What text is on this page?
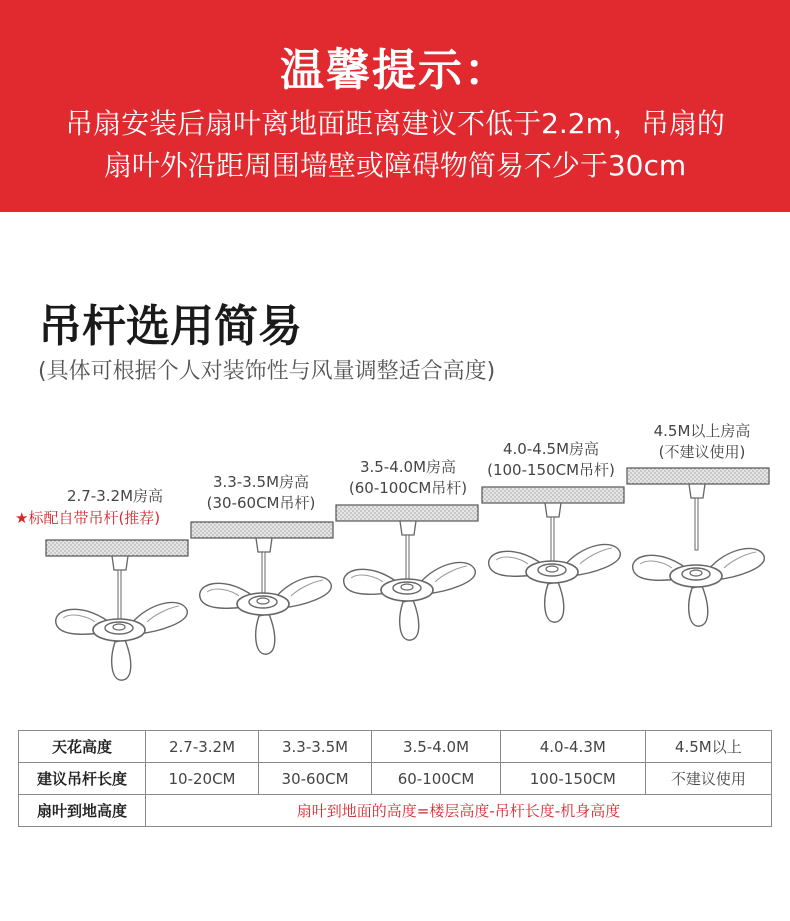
温馨提示：
吊扇安装后扇叶离地面距离建议不低于2.2m，吊扇的
扇叶外沿距周围墙壁或障碍物简易不少于30cm
吊杆选用简易
(具体可根据个人对装饰性与风量调整适合高度)
2.7-3.2M房高
★标配自带吊杆(推荐)
3.3-3.5M房高
(30-60CM吊杆)
3.5-4.0M房高
(60-100CM吊杆)
4.0-4.5M房高
(100-150CM吊杆)
4.5M以上房高
(不建议使用)
天花高度	2.7-3.2M	3.3-3.5M	3.5-4.0M	4.0-4.3M	4.5M以上
建议吊杆长度	10-20CM	30-60CM	60-100CM	100-150CM	不建议使用
扇叶到地高度	扇叶到地面的高度=楼层高度-吊杆长度-机身高度				
